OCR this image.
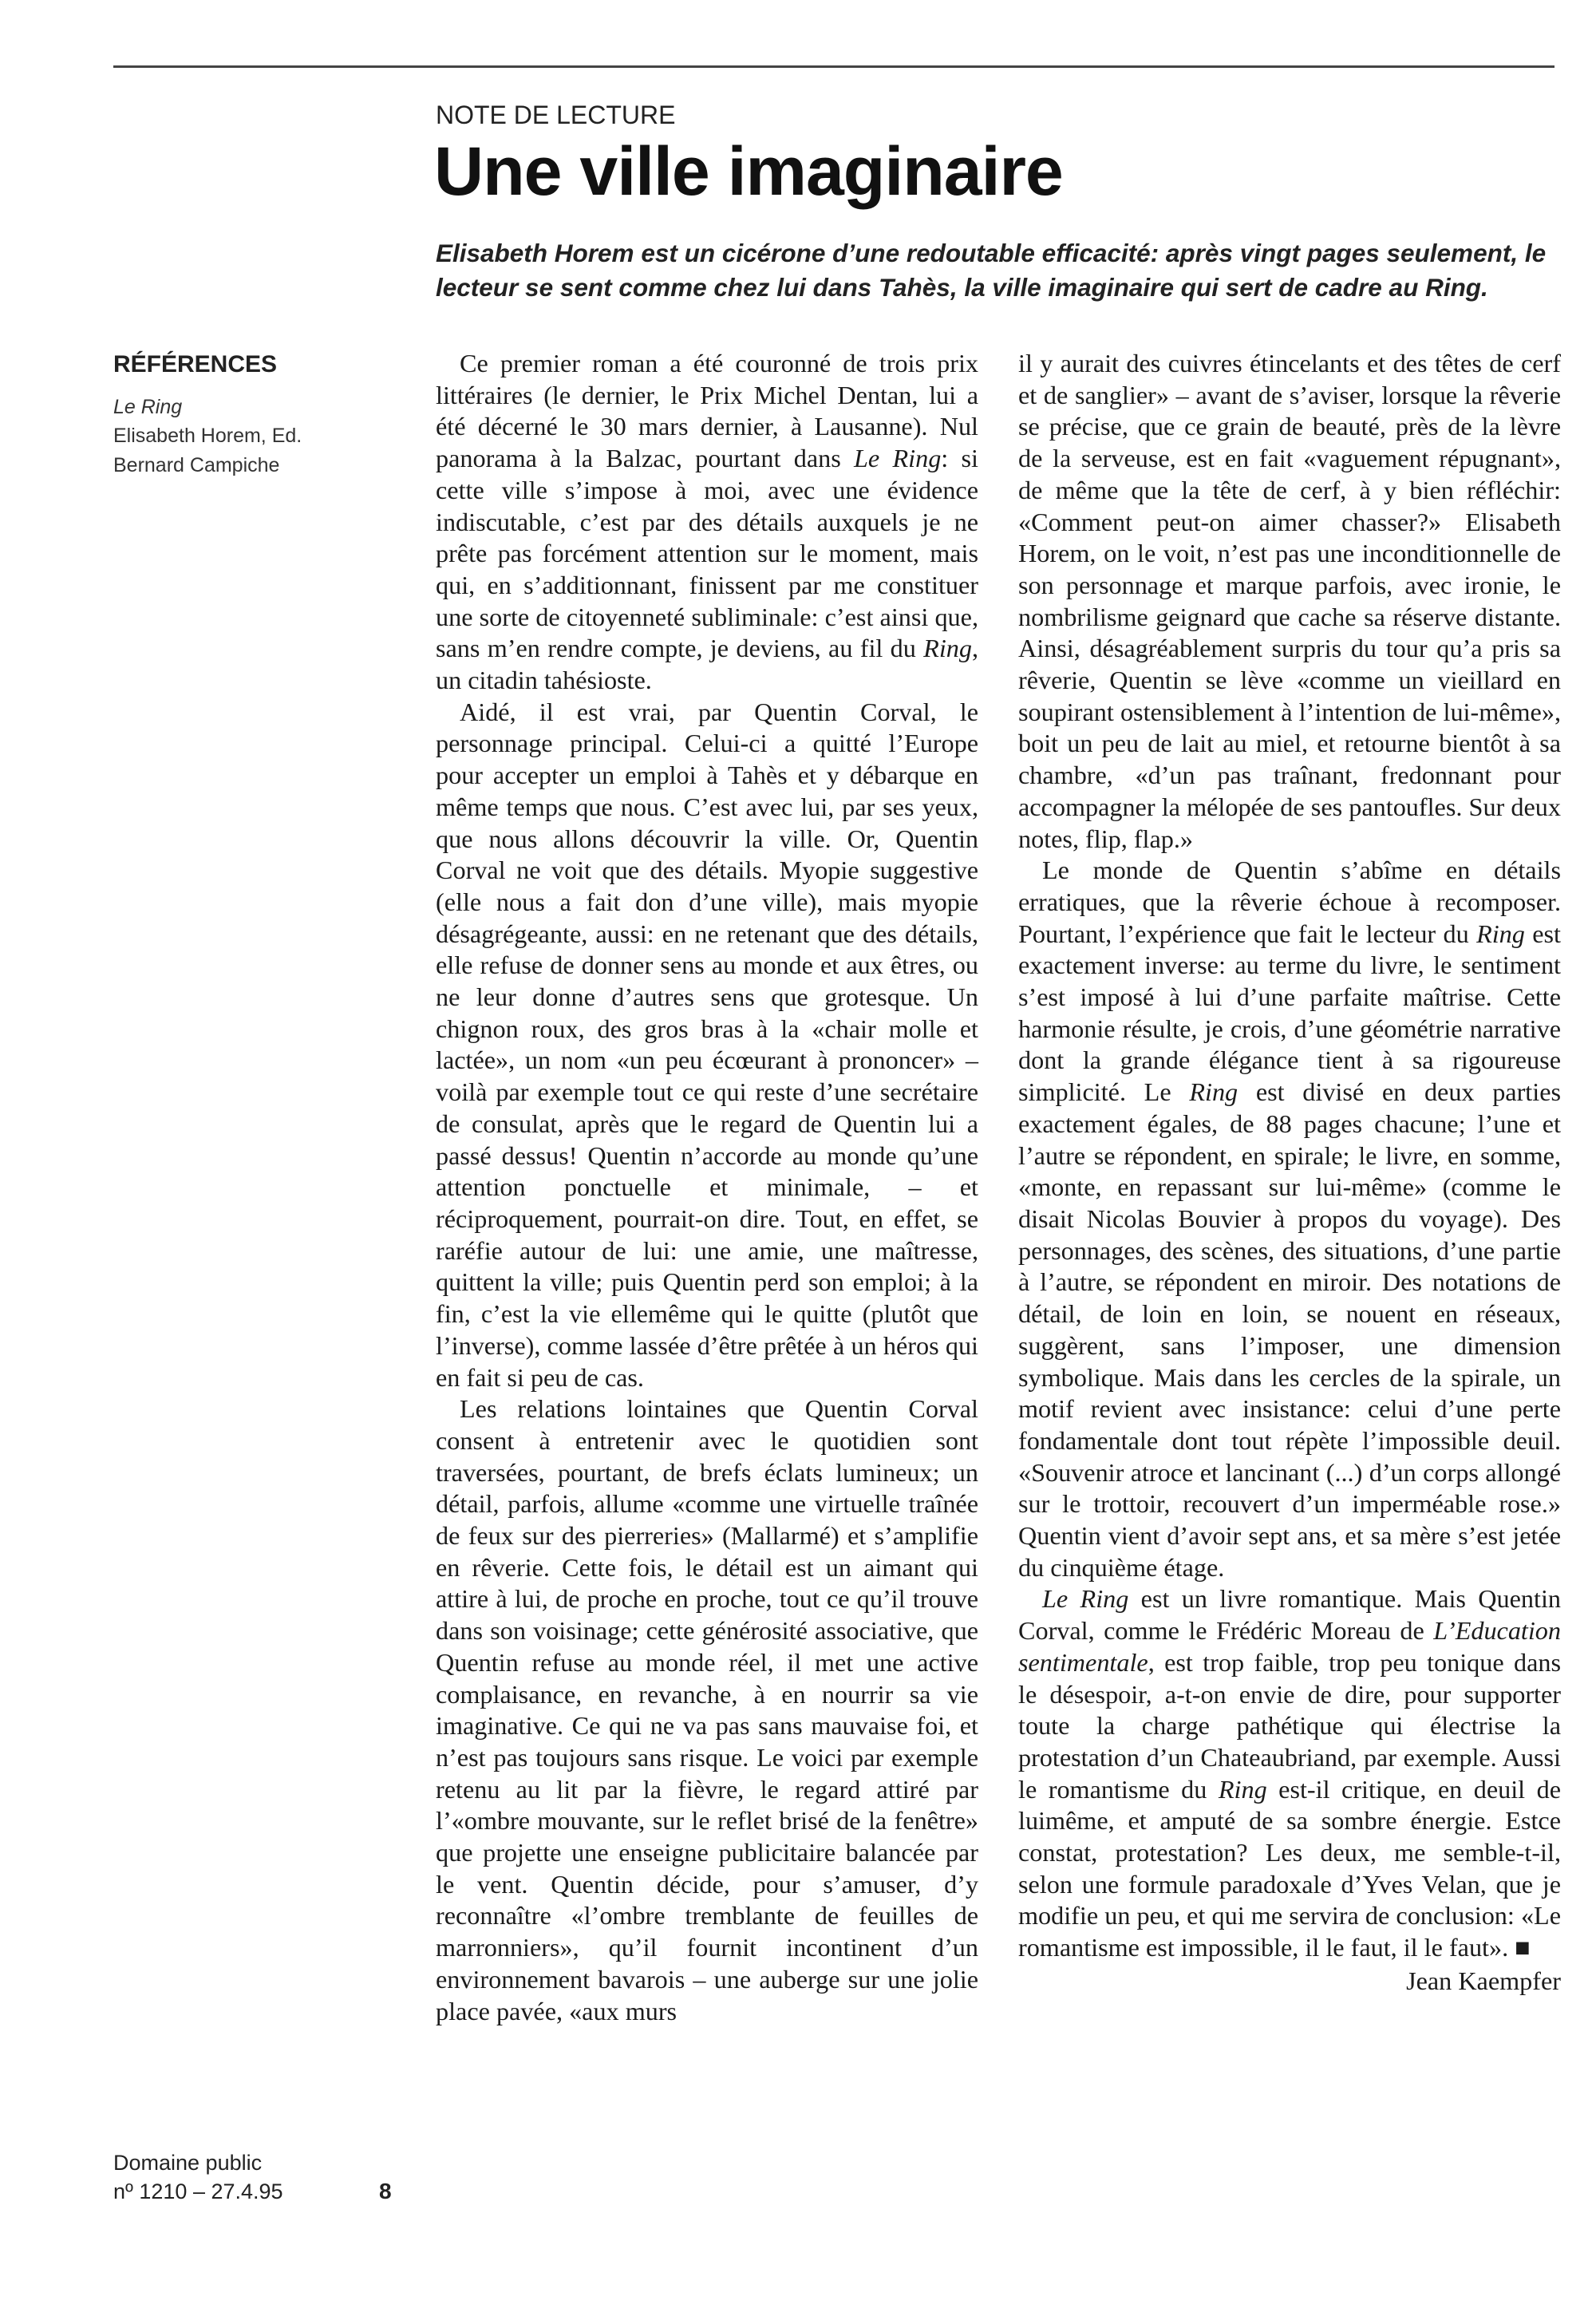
NOTE DE LECTURE
Une ville imaginaire
Elisabeth Horem est un cicérone d’une redoutable efficacité: après vingt pages seulement, le lecteur se sent comme chez lui dans Tahès, la ville imaginaire qui sert de cadre au Ring.
RÉFÉRENCES
Le Ring
Elisabeth Horem, Ed.
Bernard Campiche

Ce premier roman a été couronné de trois prix littéraires (le dernier, le Prix Michel Dentan, lui a été décerné le 30 mars dernier, à Lausanne). Nul panorama à la Balzac, pourtant dans Le Ring: si cette ville s’impose à moi, avec une évidence indiscutable, c’est par des détails auxquels je ne prête pas forcément attention sur le moment, mais qui, en s’additionnant, finissent par me constituer une sorte de citoyenneté subliminale: c’est ainsi que, sans m’en rendre compte, je deviens, au fil du Ring, un citadin tahésioste.

Aidé, il est vrai, par Quentin Corval, le personnage principal. Celui-ci a quitté l’Europe pour accepter un emploi à Tahès et y débarque en même temps que nous. C’est avec lui, par ses yeux, que nous allons découvrir la ville. Or, Quentin Corval ne voit que des détails. Myopie suggestive (elle nous a fait don d’une ville), mais myopie désagrégeante, aussi: en ne retenant que des détails, elle refuse de donner sens au monde et aux êtres, ou ne leur donne d’autres sens que grotesque. Un chignon roux, des gros bras à la «chair molle et lactée», un nom «un peu écœurant à prononcer» – voilà par exemple tout ce qui reste d’une secrétaire de consulat, après que le regard de Quentin lui a passé dessus! Quentin n’accorde au monde qu’une attention ponctuelle et minimale, – et réciproquement, pourrait-on dire. Tout, en effet, se raréfie autour de lui: une amie, une maîtresse, quittent la ville; puis Quentin perd son emploi; à la fin, c’est la vie ellemême qui le quitte (plutôt que l’inverse), comme lassée d’être prêtée à un héros qui en fait si peu de cas.

Les relations lointaines que Quentin Corval consent à entretenir avec le quotidien sont traversées, pourtant, de brefs éclats lumineux; un détail, parfois, allume «comme une virtuelle traînée de feux sur des pierreries» (Mallarmé) et s’amplifie en rêverie. Cette fois, le détail est un aimant qui attire à lui, de proche en proche, tout ce qu’il trouve dans son voisinage; cette générosité associative, que Quentin refuse au monde réel, il met une active complaisance, en revanche, à en nourrir sa vie imaginative. Ce qui ne va pas sans mauvaise foi, et n’est pas toujours sans risque. Le voici par exemple retenu au lit par la fièvre, le regard attiré par l’«ombre mouvante, sur le reflet brisé de la fenêtre» que projette une enseigne publicitaire balancée par le vent. Quentin décide, pour s’amuser, d’y reconnaître «l’ombre tremblante de feuilles de marronniers», qu’il fournit incontinent d’un environnement bavarois – une auberge sur une jolie place pavée, «aux murs

il y aurait des cuivres étincelants et des têtes de cerf et de sanglier» – avant de s’aviser, lorsque la rêverie se précise, que ce grain de beauté, près de la lèvre de la serveuse, est en fait «vaguement répugnant», de même que la tête de cerf, à y bien réfléchir: «Comment peut-on aimer chasser?» Elisabeth Horem, on le voit, n’est pas une inconditionnelle de son personnage et marque parfois, avec ironie, le nombrilisme geignard que cache sa réserve distante. Ainsi, désagréablement surpris du tour qu’a pris sa rêverie, Quentin se lève «comme un vieillard en soupirant ostensiblement à l’intention de lui-même», boit un peu de lait au miel, et retourne bientôt à sa chambre, «d’un pas traînant, fredonnant pour accompagner la mélopée de ses pantoufles. Sur deux notes, flip, flap.»

Le monde de Quentin s’abîme en détails erratiques, que la rêverie échoue à recomposer. Pourtant, l’expérience que fait le lecteur du Ring est exactement inverse: au terme du livre, le sentiment s’est imposé à lui d’une parfaite maîtrise. Cette harmonie résulte, je crois, d’une géométrie narrative dont la grande élégance tient à sa rigoureuse simplicité. Le Ring est divisé en deux parties exactement égales, de 88 pages chacune; l’une et l’autre se répondent, en spirale; le livre, en somme, «monte, en repassant sur lui-même» (comme le disait Nicolas Bouvier à propos du voyage). Des personnages, des scènes, des situations, d’une partie à l’autre, se répondent en miroir. Des notations de détail, de loin en loin, se nouent en réseaux, suggèrent, sans l’imposer, une dimension symbolique. Mais dans les cercles de la spirale, un motif revient avec insistance: celui d’une perte fondamentale dont tout répète l’impossible deuil. «Souvenir atroce et lancinant (...) d’un corps allongé sur le trottoir, recouvert d’un imperméable rose.» Quentin vient d’avoir sept ans, et sa mère s’est jetée du cinquième étage.

Le Ring est un livre romantique. Mais Quentin Corval, comme le Frédéric Moreau de L’Education sentimentale, est trop faible, trop peu tonique dans le désespoir, a-t-on envie de dire, pour supporter toute la charge pathétique qui électrise la protestation d’un Chateaubriand, par exemple. Aussi le romantisme du Ring est-il critique, en deuil de luimême, et amputé de sa sombre énergie. Estce constat, protestation? Les deux, me semble-t-il, selon une formule paradoxale d’Yves Velan, que je modifie un peu, et qui me servira de conclusion: «Le romantisme est impossible, il le faut, il le faut». ■

Jean Kaempfer

Domaine public
nº 1210 – 27.4.95	8
